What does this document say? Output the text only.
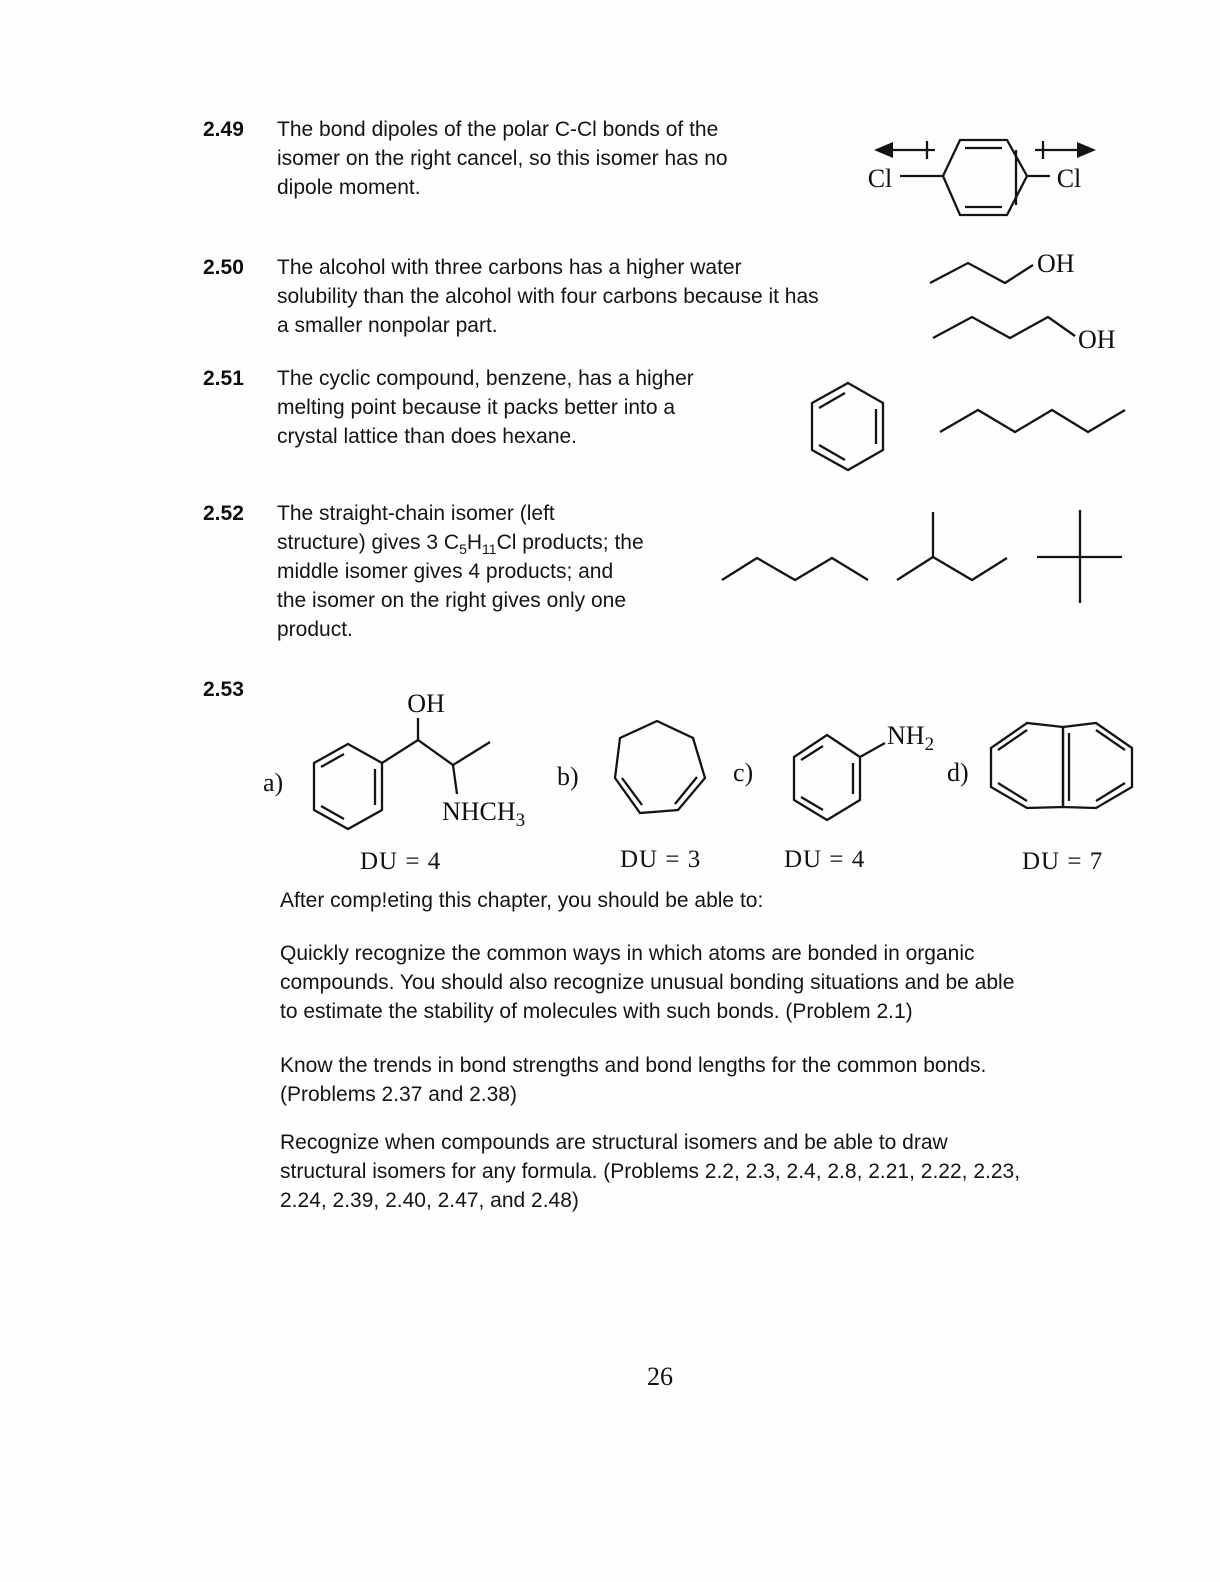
2.49 The bond dipoles of the polar C-Cl bonds of the
isomer on the right cancel, so this isomer has no
dipole moment.	Cl	Cl
2.50 The alcohol with three carbons has a higher water
solubility than the alcohol with four carbons because it has
a smaller nonpolar part.
OH
OH
2.51 The cyclic compound, benzene, has a higher
melting point because it packs better into a
crystal lattice than does hexane.
2.52 The straight-chain isomer (left
structure) gives 3 $C_5H_{11}Cl$ products; the
middle isomer gives 4 products; and
the isomer on the right gives only one
product.
2.53
a)
OH
$NHCH_3$
b)	c)
$NH_2$
d)
DU = 4	DU = 3	DU = 4	DU = 7
After comp!eting this chapter, you should be able to:
Quickly recognize the common ways in which atoms are bonded in organic
compounds. You should also recognize unusual bonding situations and be able
to estimate the stability of molecules with such bonds. (Problem 2.1)
Know the trends in bond strengths and bond lengths for the common bonds.
(Problems 2.37 and 2.38)
Recognize when compounds are structural isomers and be able to draw
structural isomers for any formula. (Problems 2.2, 2.3, 2.4, 2.8, 2.21, 2.22, 2.23,
2.24, 2.39, 2.40, 2.47, and 2.48)
26
